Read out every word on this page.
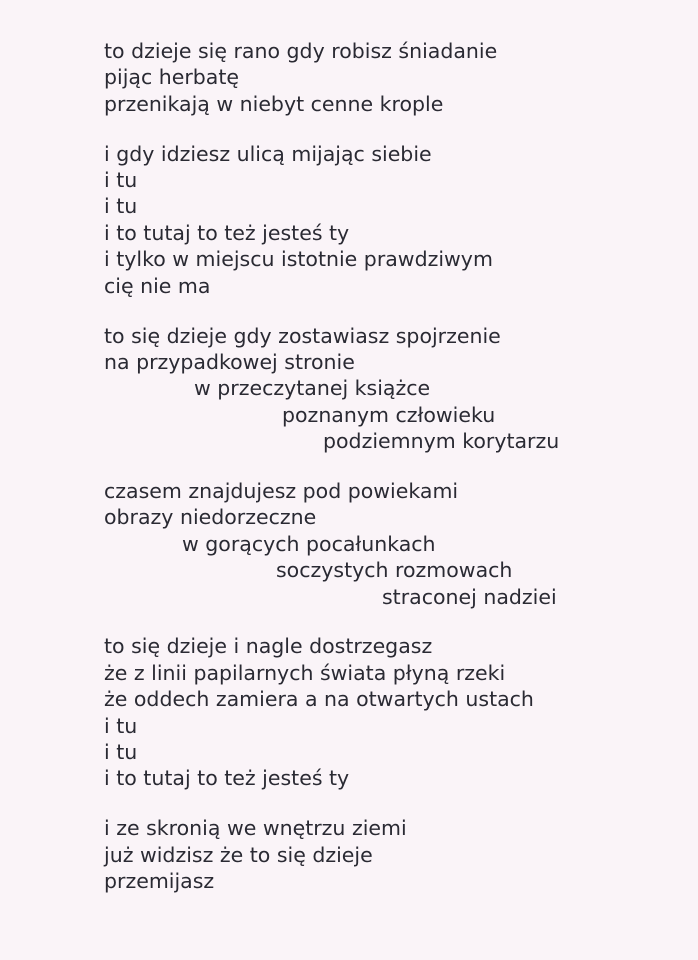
to dzieje się rano gdy robisz śniadanie
pijąc herbatę
przenikają w niebyt cenne krople
i gdy idziesz ulicą mijając siebie
i tu
i tu
i to tutaj to też jesteś ty
i tylko w miejscu istotnie prawdziwym
cię nie ma
to się dzieje gdy zostawiasz spojrzenie
na przypadkowej stronie
w przeczytanej książce
poznanym człowieku
podziemnym korytarzu
czasem znajdujesz pod powiekami
obrazy niedorzeczne
w gorących pocałunkach
soczystych rozmowach
straconej nadziei
to się dzieje i nagle dostrzegasz
że z linii papilarnych świata płyną rzeki
że oddech zamiera a na otwartych ustach
i tu
i tu
i to tutaj to też jesteś ty
i ze skronią we wnętrzu ziemi
już widzisz że to się dzieje
przemijasz
